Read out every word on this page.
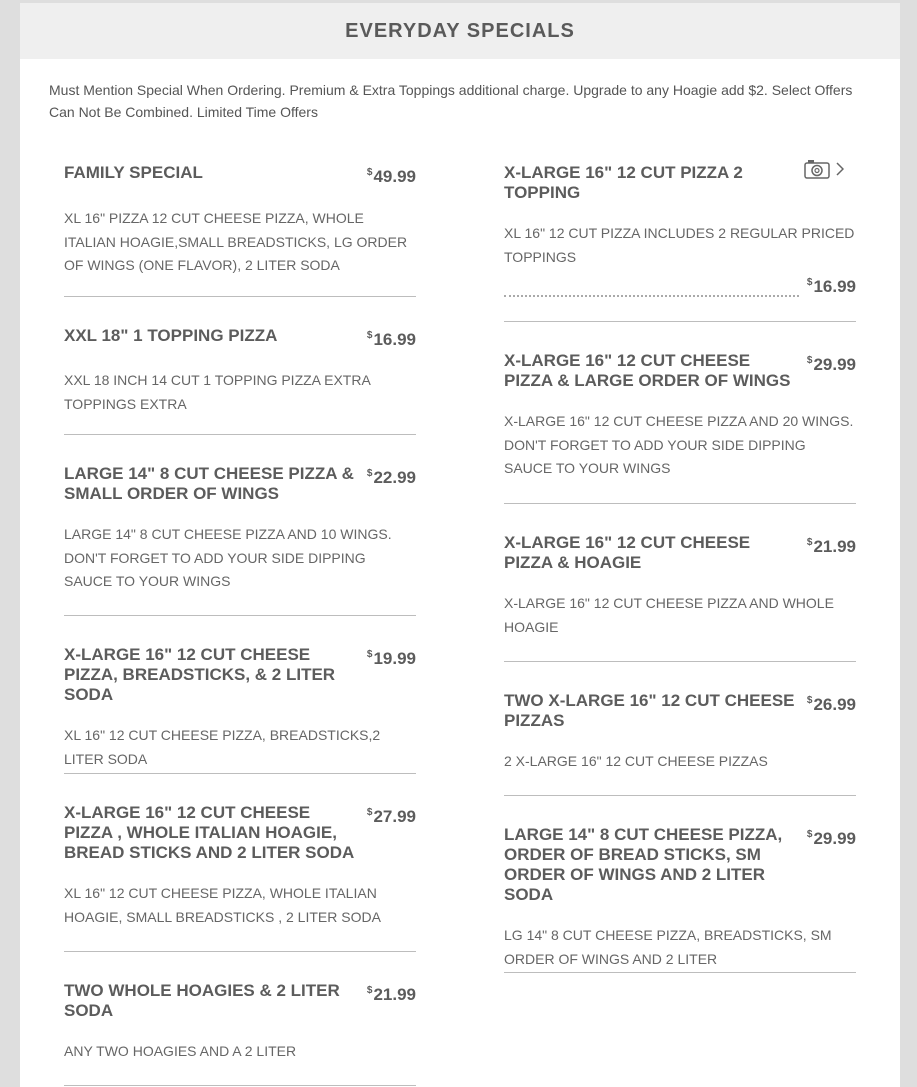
EVERYDAY SPECIALS

Must Mention Special When Ordering. Premium & Extra Toppings additional charge. Upgrade to any Hoagie add $2. Select Offers Can Not Be Combined. Limited Time Offers

FAMILY SPECIAL	$49.99
XL 16" PIZZA 12 CUT CHEESE PIZZA, WHOLE ITALIAN HOAGIE,SMALL BREADSTICKS, LG ORDER OF WINGS (ONE FLAVOR), 2 LITER SODA
XXL 18" 1 TOPPING PIZZA	$16.99
XXL 18 INCH 14 CUT 1 TOPPING PIZZA EXTRA TOPPINGS EXTRA
LARGE 14" 8 CUT CHEESE PIZZA & SMALL ORDER OF WINGS
$22.99
LARGE 14" 8 CUT CHEESE PIZZA AND 10 WINGS. DON'T FORGET TO ADD YOUR SIDE DIPPING SAUCE TO YOUR WINGS
X-LARGE 16" 12 CUT CHEESE PIZZA, BREADSTICKS, & 2 LITER SODA
$19.99
XL 16" 12 CUT CHEESE PIZZA, BREADSTICKS,2 LITER SODA
X-LARGE 16" 12 CUT CHEESE PIZZA , WHOLE ITALIAN HOAGIE, BREAD STICKS AND 2 LITER SODA
$27.99
XL 16" 12 CUT CHEESE PIZZA, WHOLE ITALIAN HOAGIE, SMALL BREADSTICKS , 2 LITER SODA
TWO WHOLE HOAGIES & 2 LITER SODA
$21.99
ANY TWO HOAGIES AND A 2 LITER
X-LARGE 16" 12 CUT PIZZA 2 TOPPING
XL 16" 12 CUT PIZZA INCLUDES 2 REGULAR PRICED TOPPINGS
$16.99
X-LARGE 16" 12 CUT CHEESE PIZZA & LARGE ORDER OF WINGS
$29.99
X-LARGE 16" 12 CUT CHEESE PIZZA AND 20 WINGS. DON'T FORGET TO ADD YOUR SIDE DIPPING SAUCE TO YOUR WINGS
X-LARGE 16" 12 CUT CHEESE PIZZA & HOAGIE
$21.99
X-LARGE 16" 12 CUT CHEESE PIZZA AND WHOLE HOAGIE
TWO X-LARGE 16" 12 CUT CHEESE PIZZAS
$26.99
2 X-LARGE 16" 12 CUT CHEESE PIZZAS
LARGE 14" 8 CUT CHEESE PIZZA, ORDER OF BREAD STICKS, SM ORDER OF WINGS AND 2 LITER SODA
$29.99
LG 14" 8 CUT CHEESE PIZZA, BREADSTICKS, SM ORDER OF WINGS AND 2 LITER
